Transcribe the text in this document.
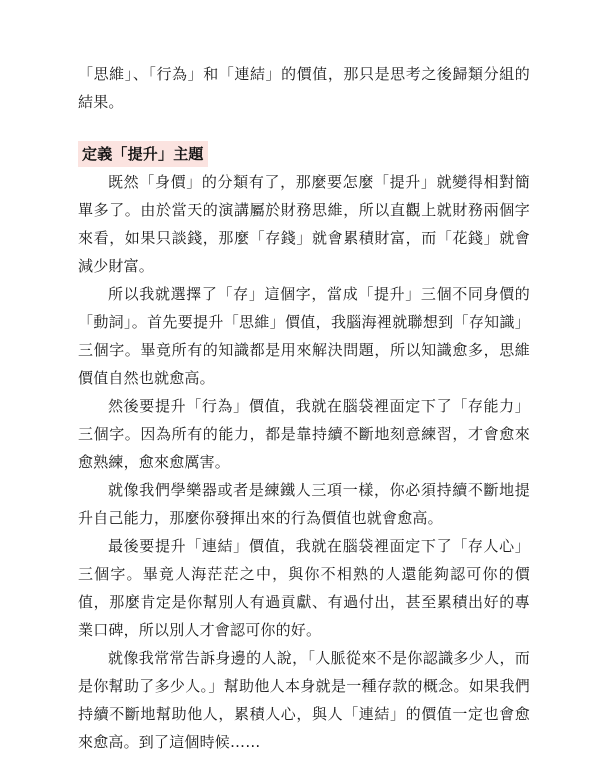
「思維」、「行為」和「連結」的價值，那只是思考之後歸類分組的結果。

定義「提升」主題

既然「身價」的分類有了，那麼要怎麼「提升」就變得相對簡單多了。由於當天的演講屬於財務思維，所以直觀上就財務兩個字來看，如果只談錢，那麼「存錢」就會累積財富，而「花錢」就會減少財富。

所以我就選擇了「存」這個字，當成「提升」三個不同身價的「動詞」。首先要提升「思維」價值，我腦海裡就聯想到「存知識」三個字。畢竟所有的知識都是用來解決問題，所以知識愈多，思維價值自然也就愈高。

然後要提升「行為」價值，我就在腦袋裡面定下了「存能力」三個字。因為所有的能力，都是靠持續不斷地刻意練習，才會愈來愈熟練，愈來愈厲害。

就像我們學樂器或者是練鐵人三項一樣，你必須持續不斷地提升自己能力，那麼你發揮出來的行為價值也就會愈高。

最後要提升「連結」價值，我就在腦袋裡面定下了「存人心」三個字。畢竟人海茫茫之中，與你不相熟的人還能夠認可你的價值，那麼肯定是你幫別人有過貢獻、有過付出，甚至累積出好的專業口碑，所以別人才會認可你的好。

就像我常常告訴身邊的人說，「人脈從來不是你認識多少人，而是你幫助了多少人。」幫助他人本身就是一種存款的概念。如果我們持續不斷地幫助他人，累積人心，與人「連結」的價值一定也會愈來愈高。到了這個時候……
